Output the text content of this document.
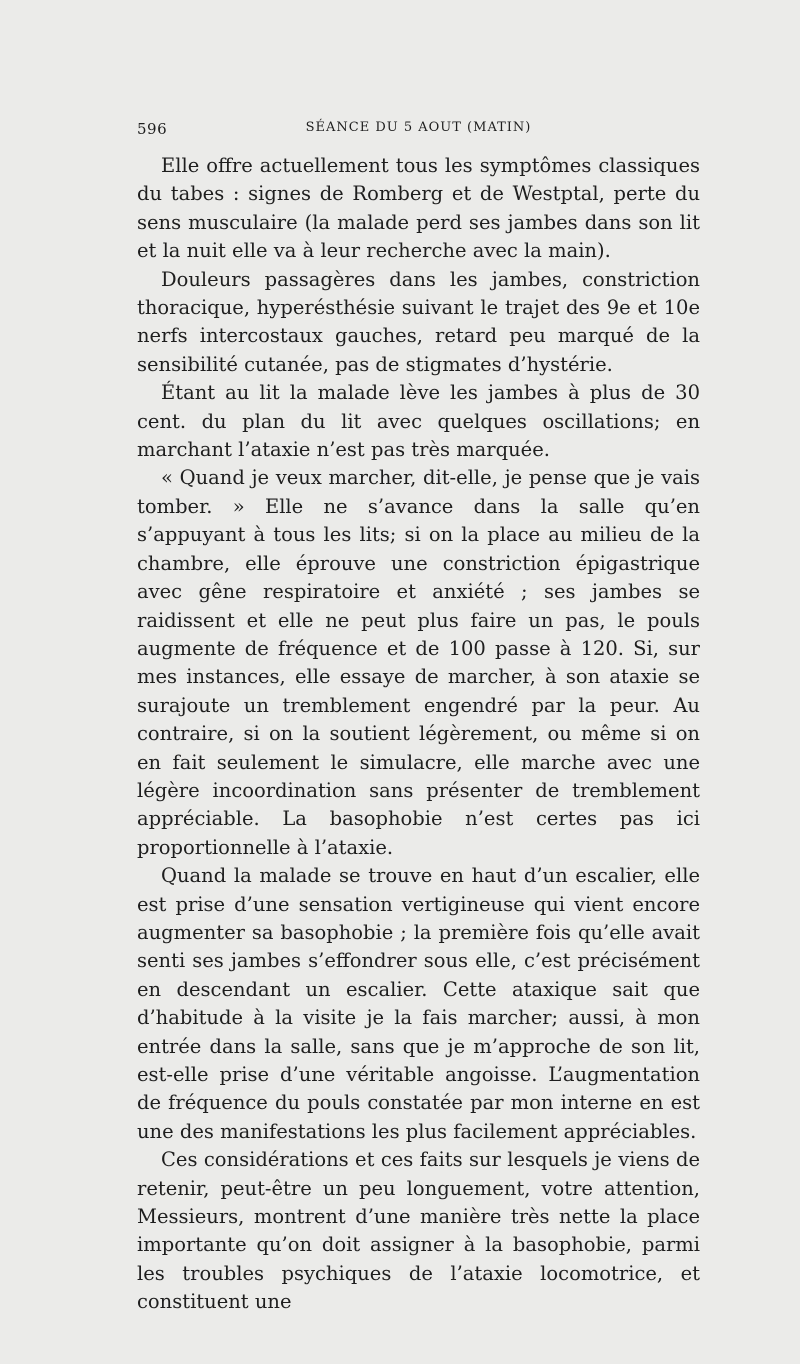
596	SÉANCE DU 5 AOUT (MATIN)

Elle offre actuellement tous les symptômes classiques du tabes : signes de Romberg et de Westptal, perte du sens musculaire (la malade perd ses jambes dans son lit et la nuit elle va à leur recherche avec la main).

Douleurs passagères dans les jambes, constriction thoracique, hyperésthésie suivant le trajet des 9e et 10e nerfs intercostaux gauches, retard peu marqué de la sensibilité cutanée, pas de stigmates d’hystérie.

Étant au lit la malade lève les jambes à plus de 30 cent. du plan du lit avec quelques oscillations; en marchant l’ataxie n’est pas très marquée.

« Quand je veux marcher, dit-elle, je pense que je vais tomber. » Elle ne s’avance dans la salle qu’en s’appuyant à tous les lits; si on la place au milieu de la chambre, elle éprouve une constriction épigastrique avec gêne respiratoire et anxiété ; ses jambes se raidissent et elle ne peut plus faire un pas, le pouls augmente de fréquence et de 100 passe à 120. Si, sur mes instances, elle essaye de marcher, à son ataxie se surajoute un tremblement engendré par la peur. Au contraire, si on la soutient légèrement, ou même si on en fait seulement le simulacre, elle marche avec une légère incoordination sans présenter de tremblement appréciable. La basophobie n’est certes pas ici proportionnelle à l’ataxie.

Quand la malade se trouve en haut d’un escalier, elle est prise d’une sensation vertigineuse qui vient encore augmenter sa basophobie ; la première fois qu’elle avait senti ses jambes s’effondrer sous elle, c’est précisément en descendant un escalier. Cette ataxique sait que d’habitude à la visite je la fais marcher; aussi, à mon entrée dans la salle, sans que je m’approche de son lit, est-elle prise d’une véritable angoisse. L’augmentation de fréquence du pouls constatée par mon interne en est une des manifestations les plus facilement appréciables.

Ces considérations et ces faits sur lesquels je viens de retenir, peut-être un peu longuement, votre attention, Messieurs, montrent d’une manière très nette la place importante qu’on doit assigner à la basophobie, parmi les troubles psychiques de l’ataxie locomotrice, et constituent une
